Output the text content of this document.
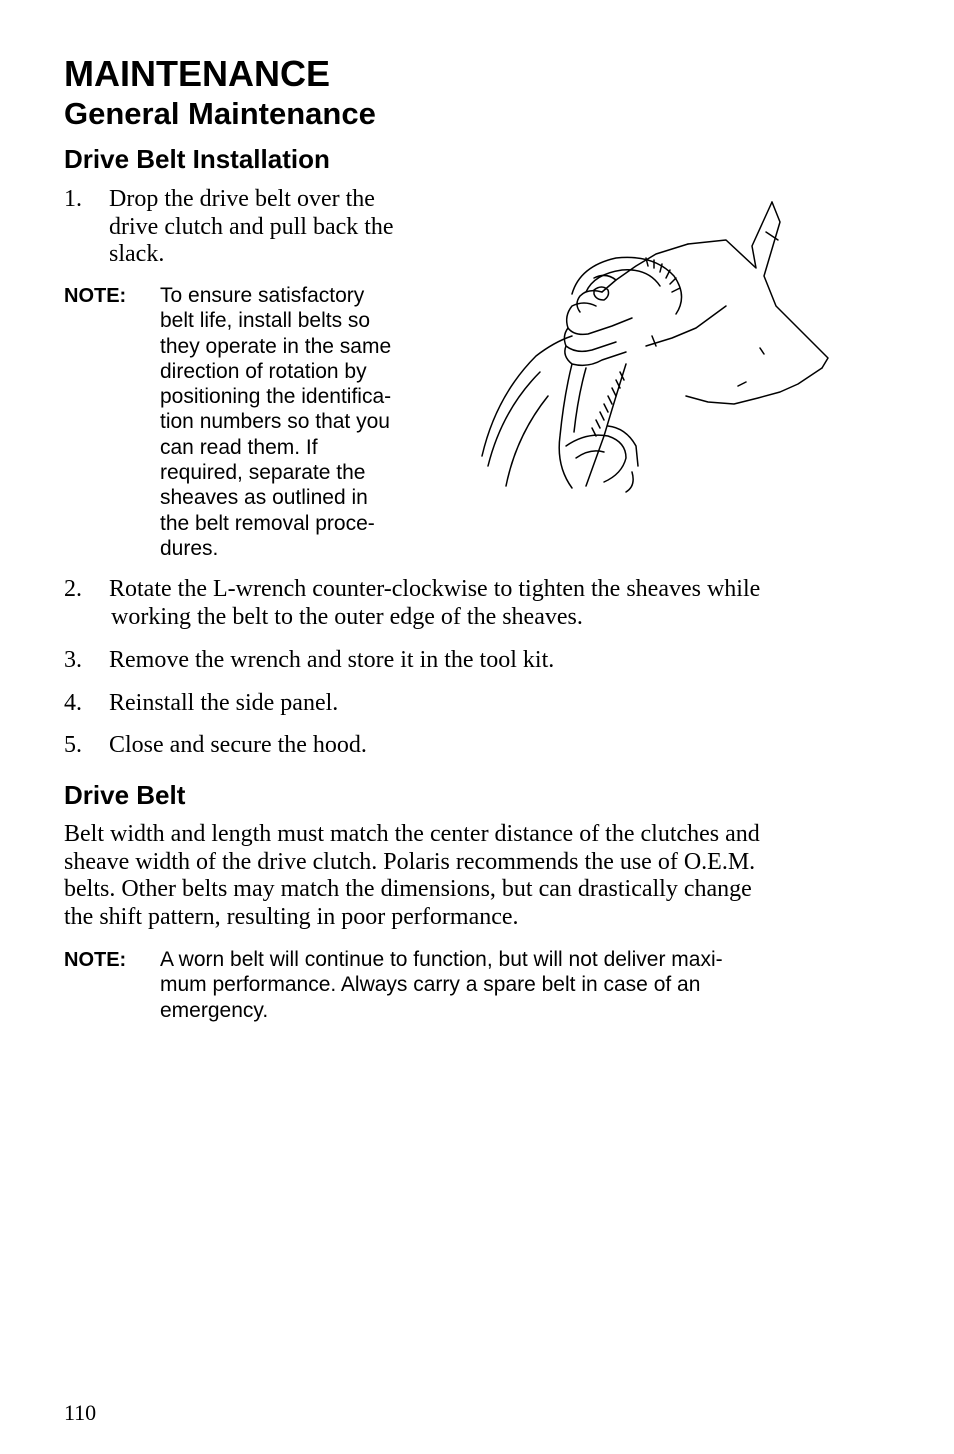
MAINTENANCE
General Maintenance
Drive Belt Installation
1. Drop the drive belt over the
drive clutch and pull back the
slack.
NOTE: To ensure satisfactory
belt life, install belts so
they operate in the same
direction of rotation by
positioning the identifica-
tion numbers so that you
can read them. If
required, separate the
sheaves as outlined in
the belt removal proce-
dures.
2. Rotate the L-wrench counter-clockwise to tighten the sheaves while
working the belt to the outer edge of the sheaves.
3. Remove the wrench and store it in the tool kit.
4. Reinstall the side panel.
5. Close and secure the hood.
Drive Belt
Belt width and length must match the center distance of the clutches and
sheave width of the drive clutch. Polaris recommends the use of O.E.M.
belts. Other belts may match the dimensions, but can drastically change
the shift pattern, resulting in poor performance.
NOTE: A worn belt will continue to function, but will not deliver maxi-
mum performance. Always carry a spare belt in case of an
emergency.
110
